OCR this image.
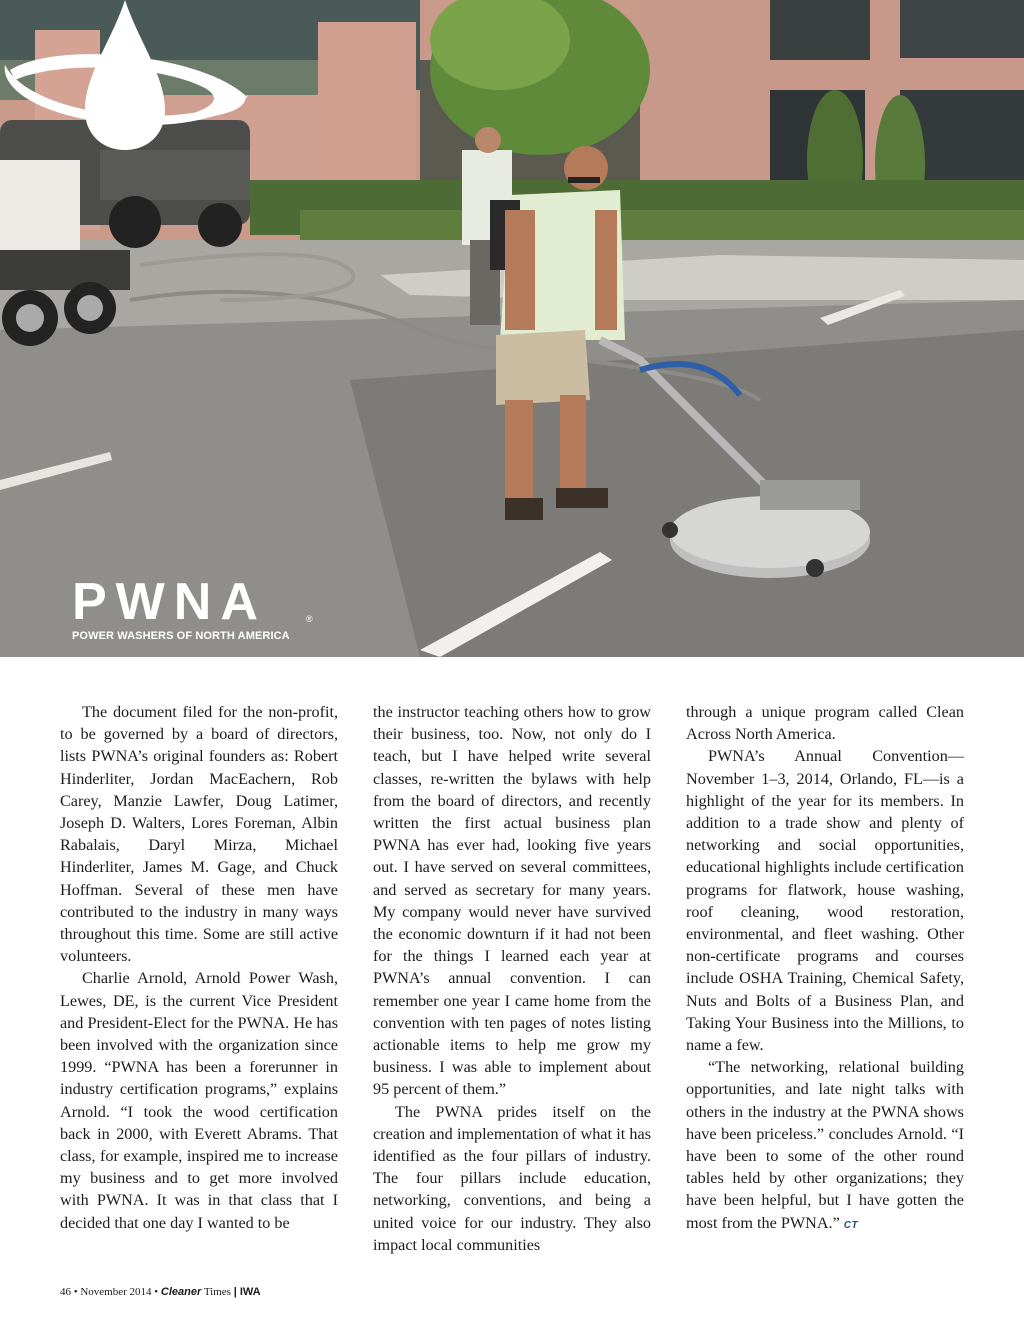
PWNA	®
POWER WASHERS OF NORTH AMERICA

The document filed for the non-profit, to be governed by a board of directors, lists PWNA’s original founders as: Robert Hinderliter, Jordan MacEachern, Rob Carey, Manzie Lawfer, Doug Latimer, Joseph D. Walters, Lores Foreman, Albin Rabalais, Daryl Mirza, Michael Hinderliter, James M. Gage, and Chuck Hoffman. Several of these men have contributed to the industry in many ways throughout this time. Some are still active volunteers.

Charlie Arnold, Arnold Power Wash, Lewes, DE, is the current Vice President and President-Elect for the PWNA. He has been involved with the organization since 1999. “PWNA has been a forerunner in industry certification programs,” explains Arnold. “I took the wood certification back in 2000, with Everett Abrams. That class, for example, inspired me to increase my business and to get more involved with PWNA. It was in that class that I decided that one day I wanted to be

the instructor teaching others how to grow their business, too. Now, not only do I teach, but I have helped write several classes, re-written the bylaws with help from the board of directors, and recently written the first actual business plan PWNA has ever had, looking five years out. I have served on several committees, and served as secretary for many years. My company would never have survived the economic downturn if it had not been for the things I learned each year at PWNA’s annual convention. I can remember one year I came home from the convention with ten pages of notes listing actionable items to help me grow my business. I was able to implement about 95 percent of them.”

The PWNA prides itself on the creation and implementation of what it has identified as the four pillars of industry. The four pillars include education, networking, conventions, and being a united voice for our industry. They also impact local communities

through a unique program called Clean Across North America.

PWNA’s Annual Convention—November 1–3, 2014, Orlando, FL—is a highlight of the year for its members. In addition to a trade show and plenty of networking and social opportunities, educational highlights include certification programs for flatwork, house washing, roof cleaning, wood restoration, environmental, and fleet washing. Other non-certificate programs and courses include OSHA Training, Chemical Safety, Nuts and Bolts of a Business Plan, and Taking Your Business into the Millions, to name a few.

“The networking, relational building opportunities, and late night talks with others in the industry at the PWNA shows have been priceless.” concludes Arnold. “I have been to some of the other round tables held by other organizations; they have been helpful, but I have gotten the most from the PWNA.” CT

46 • November 2014 • Cleaner Times | IWA
